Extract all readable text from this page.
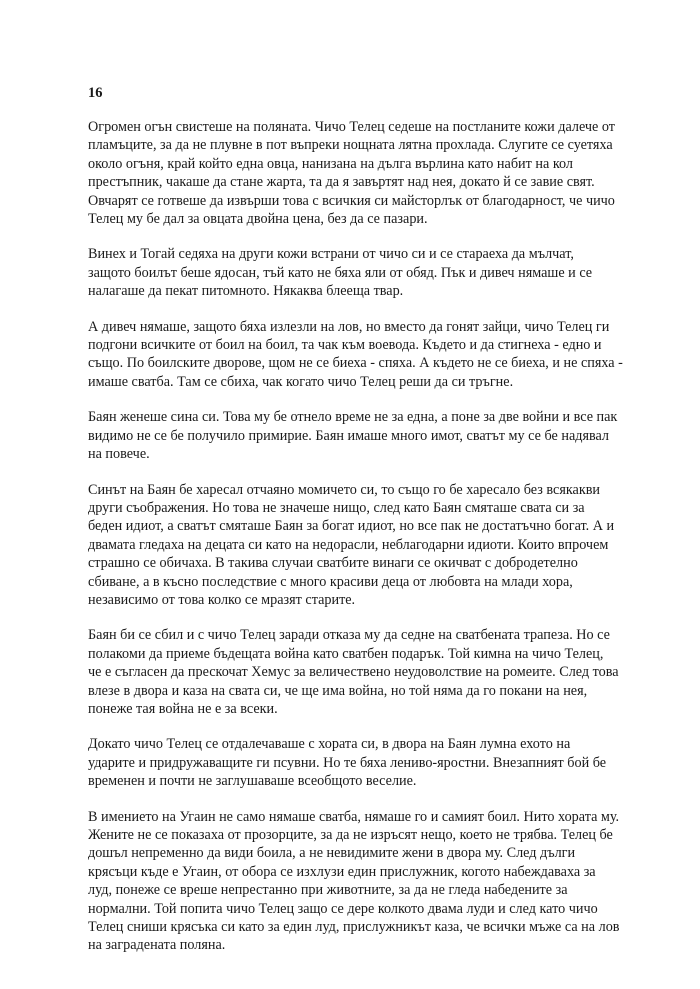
16

Огромен огън свистеше на поляната. Чичо Телец седеше на постланите кожи далече от
пламъците, за да не плувне в пот въпреки нощната лятна прохлада. Слугите се суетяха
около огъня, край който една овца, нанизана на дълга върлина като набит на кол
престъпник, чакаше да стане жарта, та да я завъртят над нея, докато й се завие свят.
Овчарят се готвеше да извърши това с всичкия си майсторлък от благодарност, че чичо
Телец му бе дал за овцата двойна цена, без да се пазари.

Винех и Тогай седяха на други кожи встрани от чичо си и се стараеха да мълчат,
защото боилът беше ядосан, тъй като не бяха яли от обяд. Пък и дивеч нямаше и се
налагаше да пекат питомното. Някаква блееща твар.

А дивеч нямаше, защото бяха излезли на лов, но вместо да гонят зайци, чичо Телец ги
подгони всичките от боил на боил, та чак към воевода. Където и да стигнеха - едно и
също. По боилските дворове, щом не се биеха - спяха. А където не се биеха, и не спяха -
имаше сватба. Там се сбиха, чак когато чичо Телец реши да си тръгне.

Баян женеше сина си. Това му бе отнело време не за една, а поне за две войни и все пак
видимо не се бе получило примирие. Баян имаше много имот, сватът му се бе надявал
на повече.

Синът на Баян бе харесал отчаяно момичето си, то също го бе харесало без всякакви
други съображения. Но това не значеше нищо, след като Баян смяташе свата си за
беден идиот, а сватът смяташе Баян за богат идиот, но все пак не достатъчно богат. А и
двамата гледаха на децата си като на недорасли, неблагодарни идиоти. Които впрочем
страшно се обичаха. В такива случаи сватбите винаги се окичват с добродетелно
сбиване, а в късно последствие с много красиви деца от любовта на млади хора,
независимо от това колко се мразят старите.

Баян би се сбил и с чичо Телец заради отказа му да седне на сватбената трапеза. Но се
полакоми да приеме бъдещата война като сватбен подарък. Той кимна на чичо Телец,
че е съгласен да прескочат Хемус за величествено неудоволствие на ромеите. След това
влезе в двора и каза на свата си, че ще има война, но той няма да го покани на нея,
понеже тая война не е за всеки.

Докато чичо Телец се отдалечаваше с хората си, в двора на Баян лумна ехото на
ударите и придружаващите ги псувни. Но те бяха лениво-яростни. Внезапният бой бе
временен и почти не заглушаваше всеобщото веселие.

В имението на Угаин не само нямаше сватба, нямаше го и самият боил. Нито хората му.
Жените не се показаха от прозорците, за да не изръсят нещо, което не трябва. Телец бе
дошъл непременно да види боила, а не невидимите жени в двора му. След дълги
крясъци къде е Угаин, от обора се изхлузи един прислужник, когото набеждаваха за
луд, понеже се вреше непрестанно при животните, за да не гледа набедените за
нормални. Той попита чичо Телец защо се дере колкото двама луди и след като чичо
Телец сниши крясъка си като за един луд, прислужникът каза, че всички мъже са на лов
на заградената поляна.
